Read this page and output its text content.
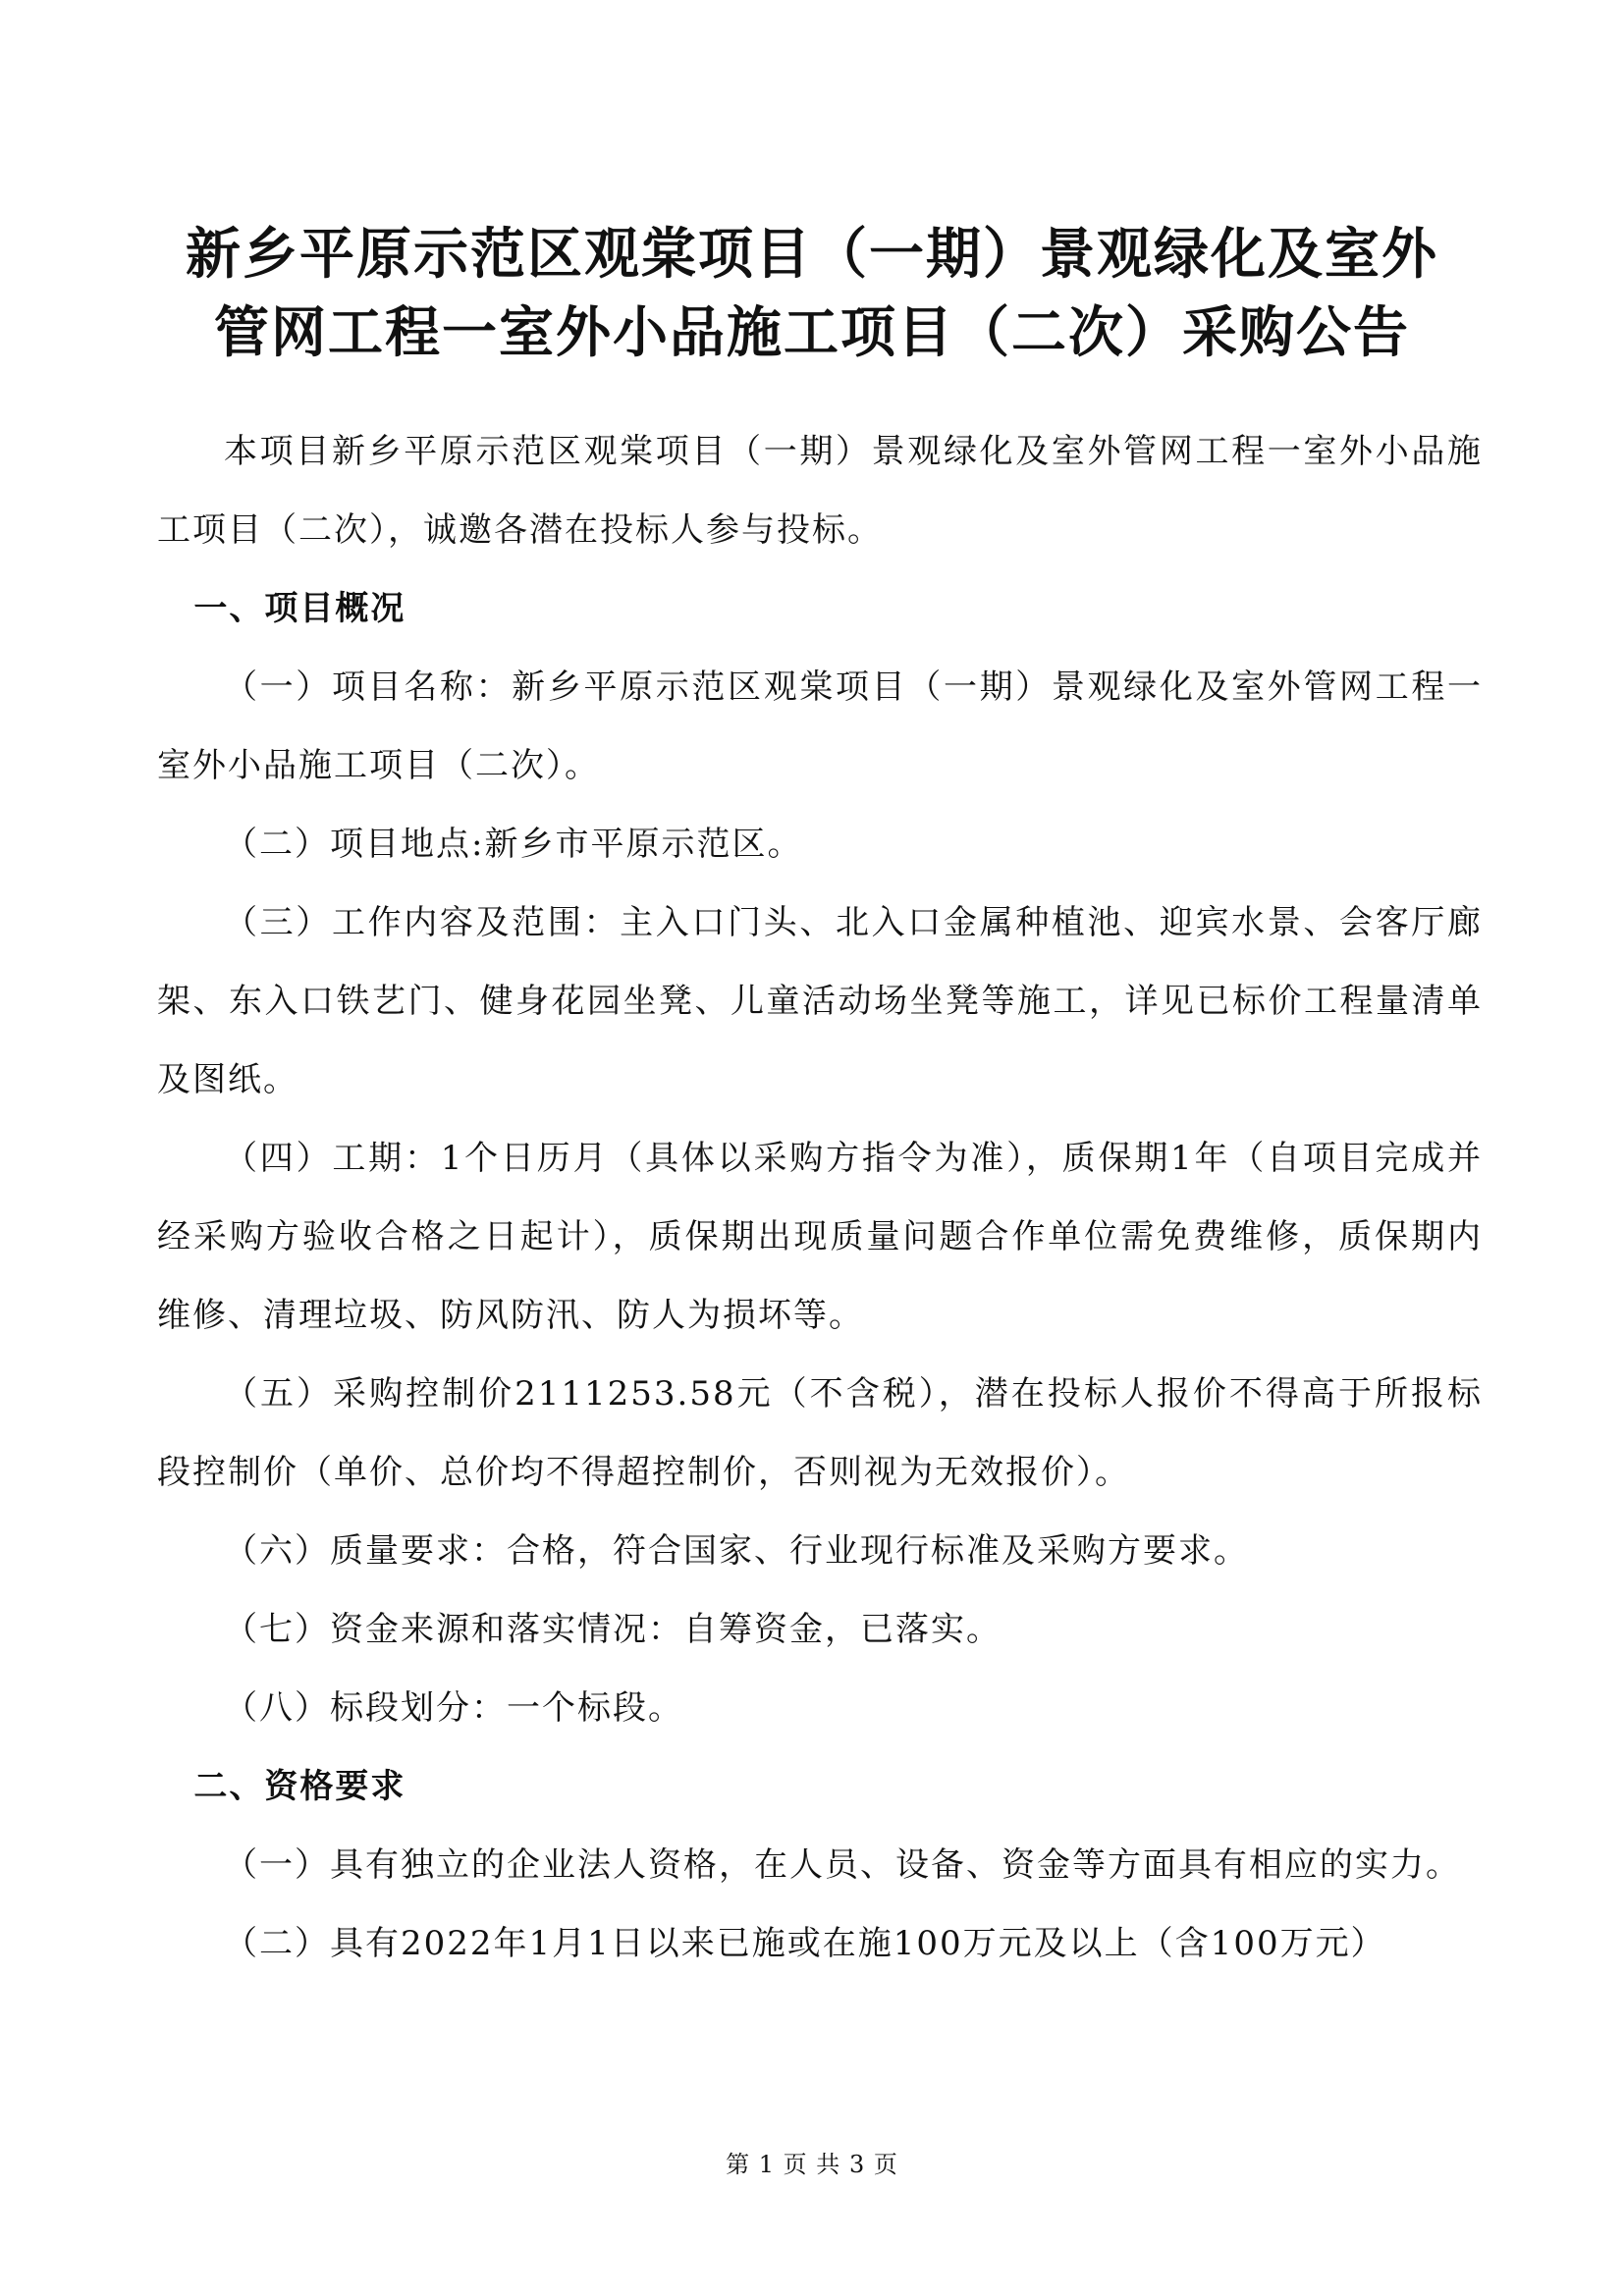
新乡平原示范区观棠项目（一期）景观绿化及室外
管网工程一室外小品施工项目（二次）采购公告

本项目新乡平原示范区观棠项目（一期）景观绿化及室外管网工程一室外小品施工项目（二次），诚邀各潜在投标人参与投标。

一、项目概况

（一）项目名称：新乡平原示范区观棠项目（一期）景观绿化及室外管网工程一室外小品施工项目（二次）。

（二）项目地点:新乡市平原示范区。

（三）工作内容及范围：主入口门头、北入口金属种植池、迎宾水景、会客厅廊架、东入口铁艺门、健身花园坐凳、儿童活动场坐凳等施工，详见已标价工程量清单及图纸。

（四）工期：1个日历月（具体以采购方指令为准），质保期1年（自项目完成并经采购方验收合格之日起计），质保期出现质量问题合作单位需免费维修，质保期内维修、清理垃圾、防风防汛、防人为损坏等。

（五）采购控制价2111253.58元（不含税），潜在投标人报价不得高于所报标段控制价（单价、总价均不得超控制价，否则视为无效报价）。

（六）质量要求：合格，符合国家、行业现行标准及采购方要求。

（七）资金来源和落实情况：自筹资金，已落实。

（八）标段划分：一个标段。

二、资格要求

（一）具有独立的企业法人资格，在人员、设备、资金等方面具有相应的实力。

（二）具有2022年1月1日以来已施或在施100万元及以上（含100万元）

第 1 页 共 3 页
